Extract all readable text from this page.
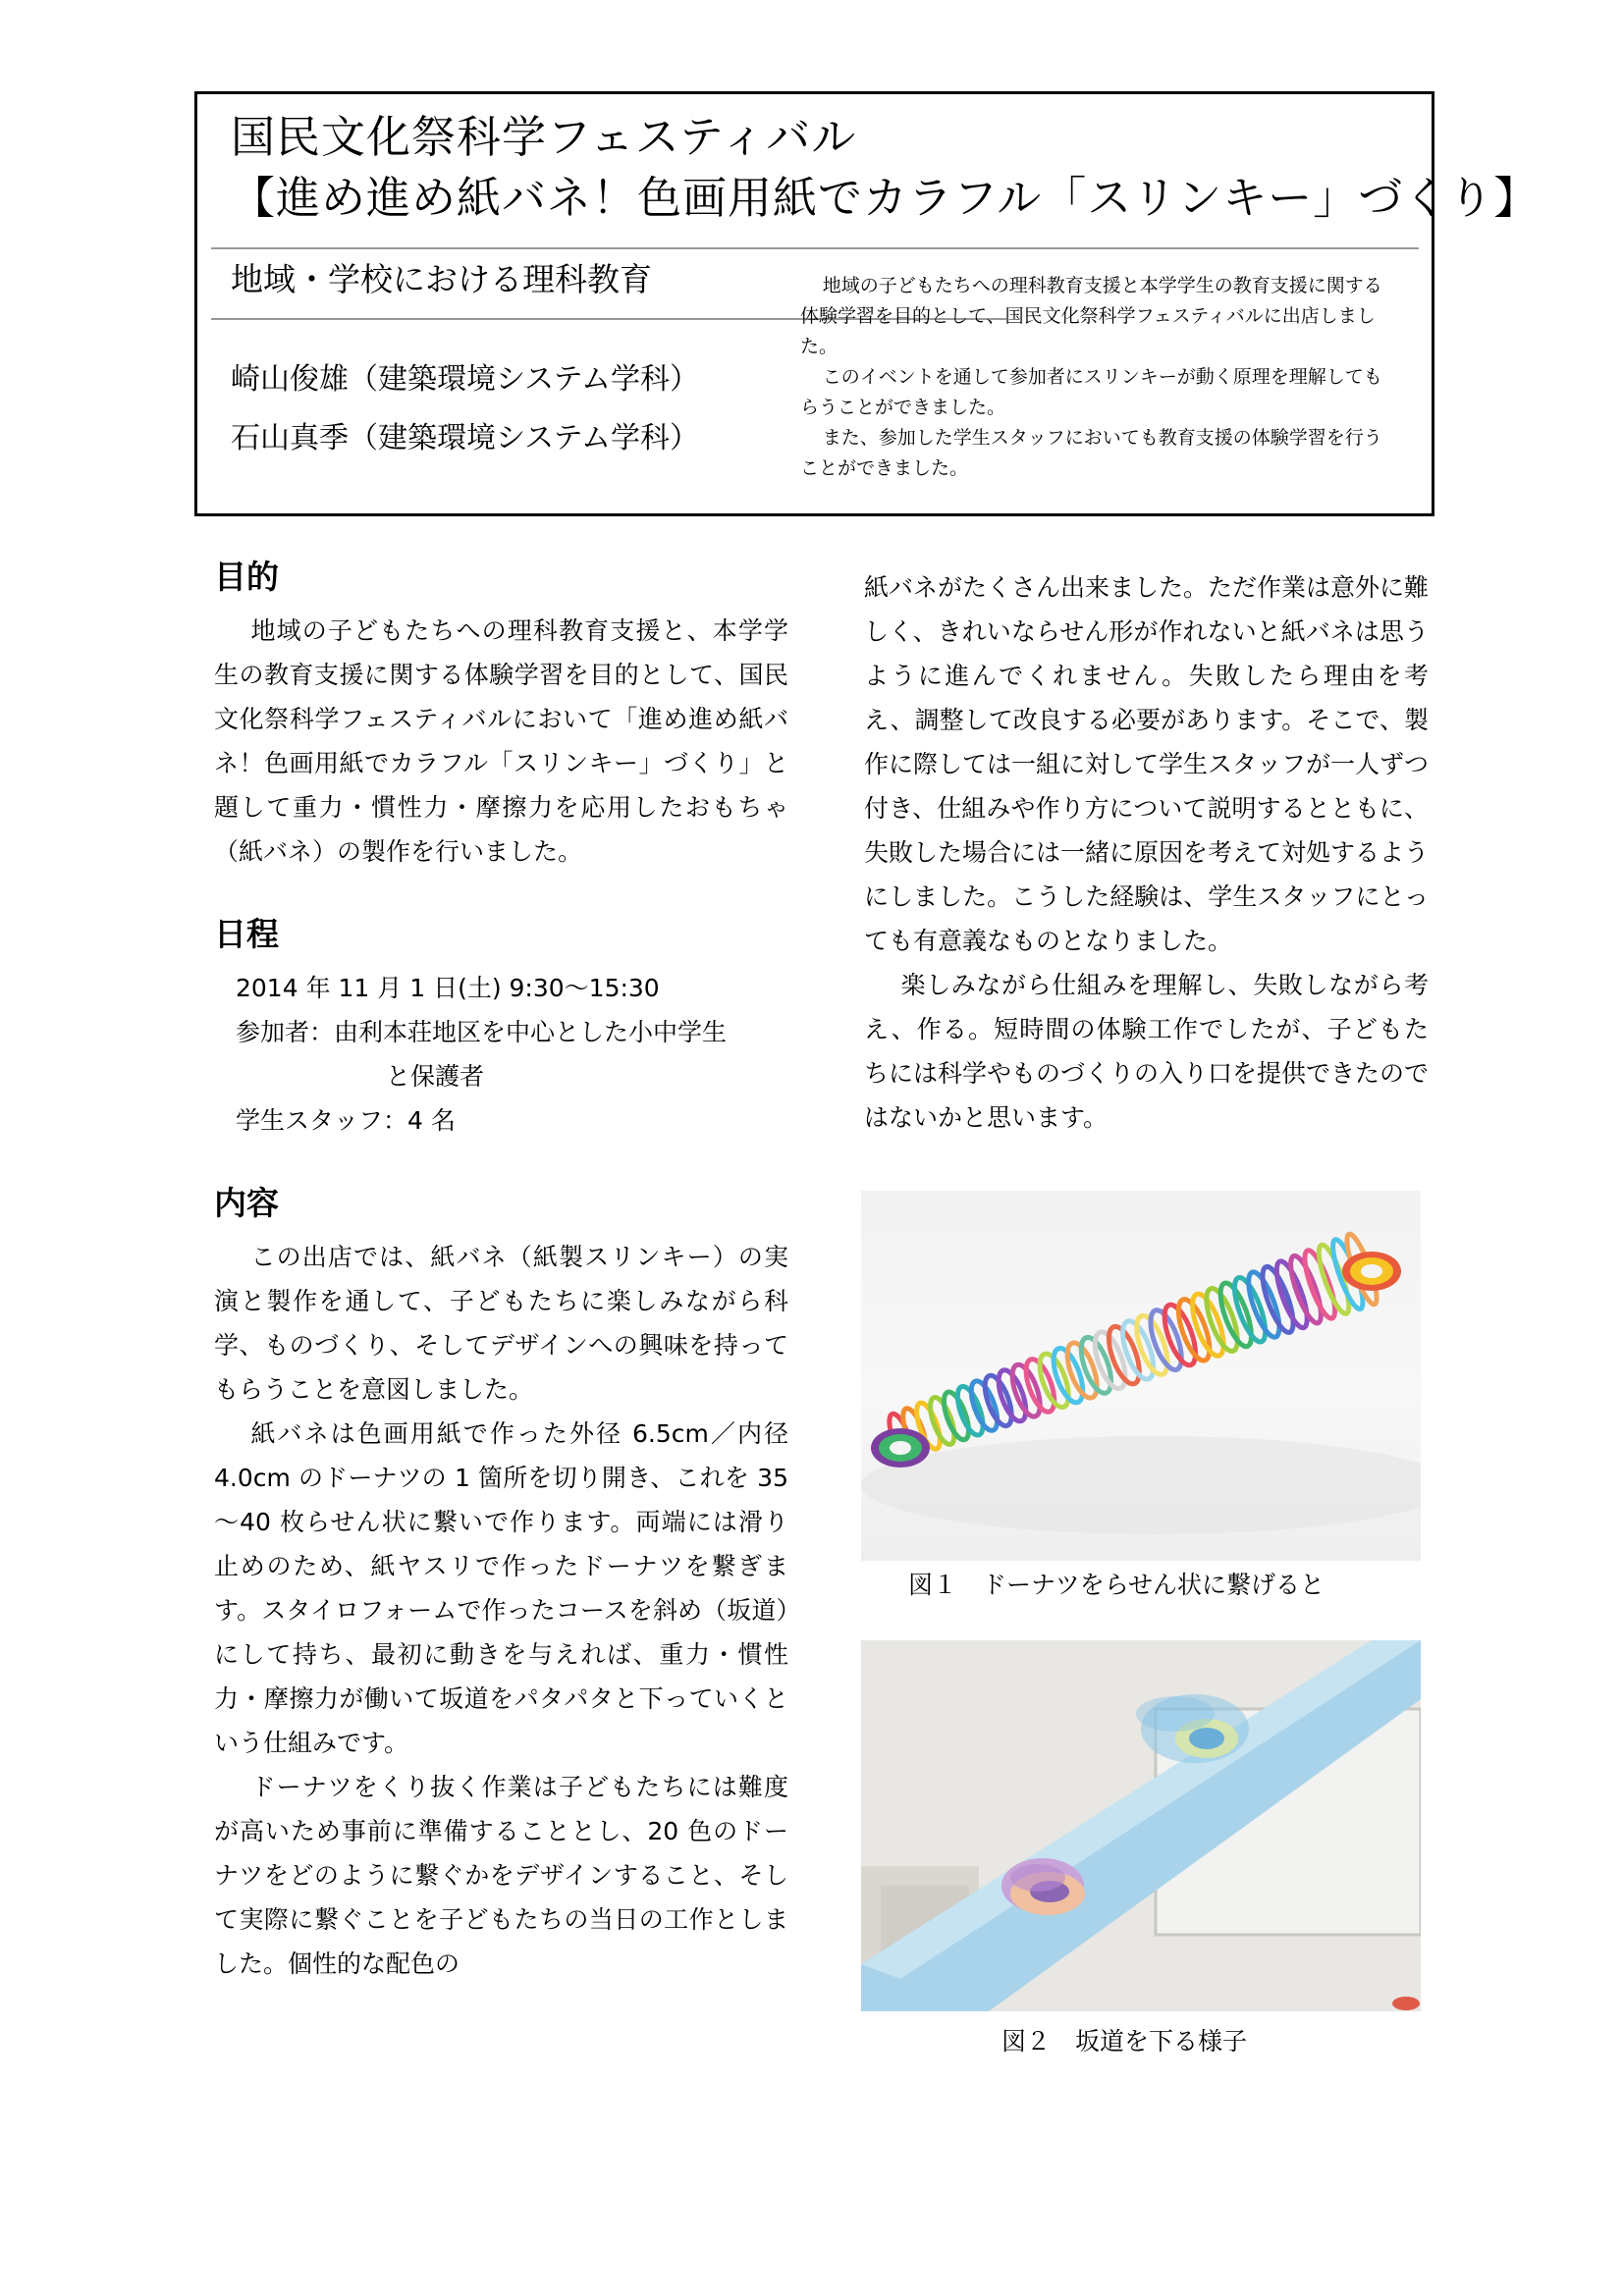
国民文化祭科学フェスティバル
【進め進め紙バネ！色画用紙でカラフル「スリンキー」づくり】
地域・学校における理科教育
崎山俊雄（建築環境システム学科）
石山真季（建築環境システム学科）

地域の子どもたちへの理科教育支援と本学学生の教育支援に関する体験学習を目的として、国民文化祭科学フェスティバルに出店しました。

このイベントを通して参加者にスリンキーが動く原理を理解してもらうことができました。

また、参加した学生スタッフにおいても教育支援の体験学習を行うことができました。

目的

地域の子どもたちへの理科教育支援と、本学学生の教育支援に関する体験学習を目的として、国民文化祭科学フェスティバルにおいて「進め進め紙バネ！色画用紙でカラフル「スリンキー」づくり」と題して重力・慣性力・摩擦力を応用したおもちゃ（紙バネ）の製作を行いました。

日程

2014 年 11 月 1 日(土) 9:30～15:30

参加者：由利本荘地区を中心とした小中学生

と保護者

学生スタッフ：4 名

内容

この出店では、紙バネ（紙製スリンキー）の実演と製作を通して、子どもたちに楽しみながら科学、ものづくり、そしてデザインへの興味を持ってもらうことを意図しました。

紙バネは色画用紙で作った外径 6.5cm／内径 4.0cm のドーナツの 1 箇所を切り開き、これを 35～40 枚らせん状に繋いで作ります。両端には滑り止めのため、紙ヤスリで作ったドーナツを繋ぎます。スタイロフォームで作ったコースを斜め（坂道）にして持ち、最初に動きを与えれば、重力・慣性力・摩擦力が働いて坂道をパタパタと下っていくという仕組みです。

ドーナツをくり抜く作業は子どもたちには難度が高いため事前に準備することとし、20 色のドーナツをどのように繋ぐかをデザインすること、そして実際に繋ぐことを子どもたちの当日の工作としました。個性的な配色の

紙バネがたくさん出来ました。ただ作業は意外に難しく、きれいならせん形が作れないと紙バネは思うように進んでくれません。失敗したら理由を考え、調整して改良する必要があります。そこで、製作に際しては一組に対して学生スタッフが一人ずつ付き、仕組みや作り方について説明するとともに、失敗した場合には一緒に原因を考えて対処するようにしました。こうした経験は、学生スタッフにとっても有意義なものとなりました。

楽しみながら仕組みを理解し、失敗しながら考え、作る。短時間の体験工作でしたが、子どもたちには科学やものづくりの入り口を提供できたのではないかと思います。

図１　ドーナツをらせん状に繋げると
図２　坂道を下る様子
